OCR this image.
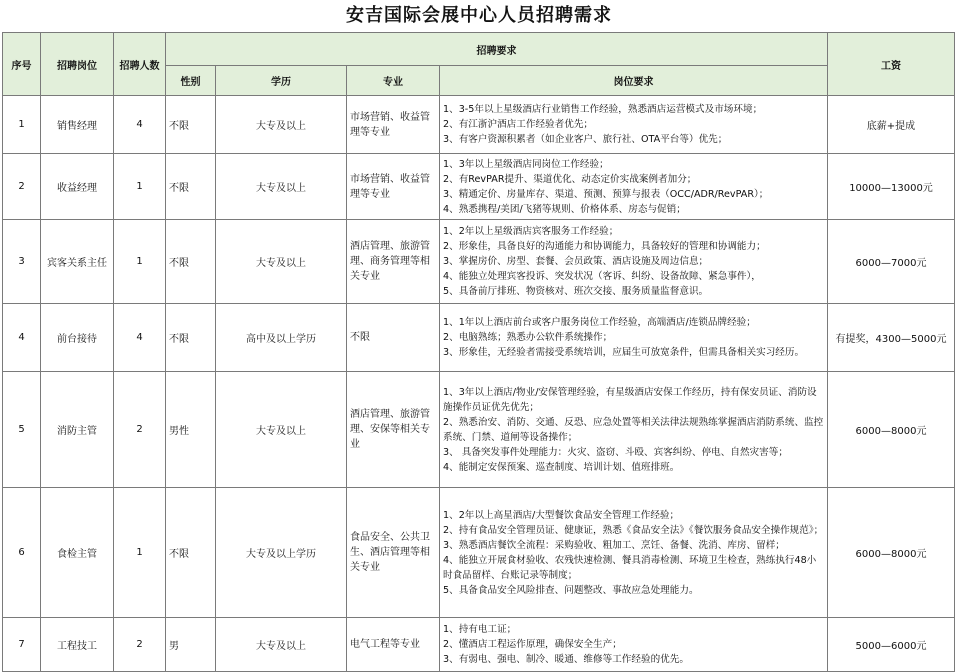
安吉国际会展中心人员招聘需求
序号	招聘岗位	招聘人数	招聘要求				工资
			性别	学历	专业	岗位要求	
1	销售经理	4	不限	大专及以上	市场营销、收益管理等专业	1、3-5年以上星级酒店行业销售工作经验，熟悉酒店运营模式及市场环境；
2、有江浙沪酒店工作经验者优先；
3、有客户资源积累者（如企业客户、旅行社、OTA平台等）优先；	底薪+提成
2	收益经理	1	不限	大专及以上	市场营销、收益管理等专业	1、3年以上星级酒店同岗位工作经验；
2、有RevPAR提升、渠道优化、动态定价实战案例者加分；
3、精通定价、房量库存、渠道、预测、预算与报表（OCC/ADR/RevPAR）；
4、熟悉携程/美团/飞猪等规则、价格体系、房态与促销；	10000—13000元
3	宾客关系主任	1	不限	大专及以上	酒店管理、旅游管理、商务管理等相关专业	1、2年以上星级酒店宾客服务工作经验；
2、形象佳，具备良好的沟通能力和协调能力，具备较好的管理和协调能力；
3、掌握房价、房型、套餐、会员政策、酒店设施及周边信息；
4、能独立处理宾客投诉、突发状况（客诉、纠纷、设备故障、紧急事件），
5、具备前厅排班、物资核对、班次交接、服务质量监督意识。	6000—7000元
4	前台接待	4	不限	高中及以上学历	不限	1、1年以上酒店前台或客户服务岗位工作经验，高端酒店/连锁品牌经验；
2、电脑熟练；熟悉办公软件系统操作；
3、形象佳，无经验者需接受系统培训，应届生可放宽条件，但需具备相关实习经历。	有提奖，4300—5000元
5	消防主管	2	男性	大专及以上	酒店管理、旅游管理、安保等相关专业	1、3年以上酒店/物业/安保管理经验，有星级酒店安保工作经历，持有保安员证、消防设施操作员证优先优先；
2、熟悉治安、消防、交通、反恐、应急处置等相关法律法规熟练掌握酒店消防系统、监控系统、门禁、道闸等设备操作；
3、 具备突发事件处理能力：火灾、盗窃、斗殴、宾客纠纷、停电、自然灾害等；
4、能制定安保预案、巡查制度、培训计划、值班排班。	6000—8000元
6	食检主管	1	不限	大专及以上学历	食品安全、公共卫生、酒店管理等相关专业	1、2年以上高星酒店/大型餐饮食品安全管理工作经验；
2、持有食品安全管理员证、健康证，熟悉《食品安全法》《餐饮服务食品安全操作规范》；
3、熟悉酒店餐饮全流程：采购验收、粗加工、烹饪、备餐、洗消、库房、留样；
4、能独立开展食材验收、农残快速检测、餐具消毒检测、环境卫生检查，熟练执行48小时食品留样、台账记录等制度；
5、具备食品安全风险排查、问题整改、事故应急处理能力。	6000—8000元
7	工程技工	2	男	大专及以上	电气工程等专业	1、持有电工证；
2、懂酒店工程运作原理，确保安全生产；
3、有弱电、强电、制冷、暖通、维修等工作经验的优先。	5000—6000元
